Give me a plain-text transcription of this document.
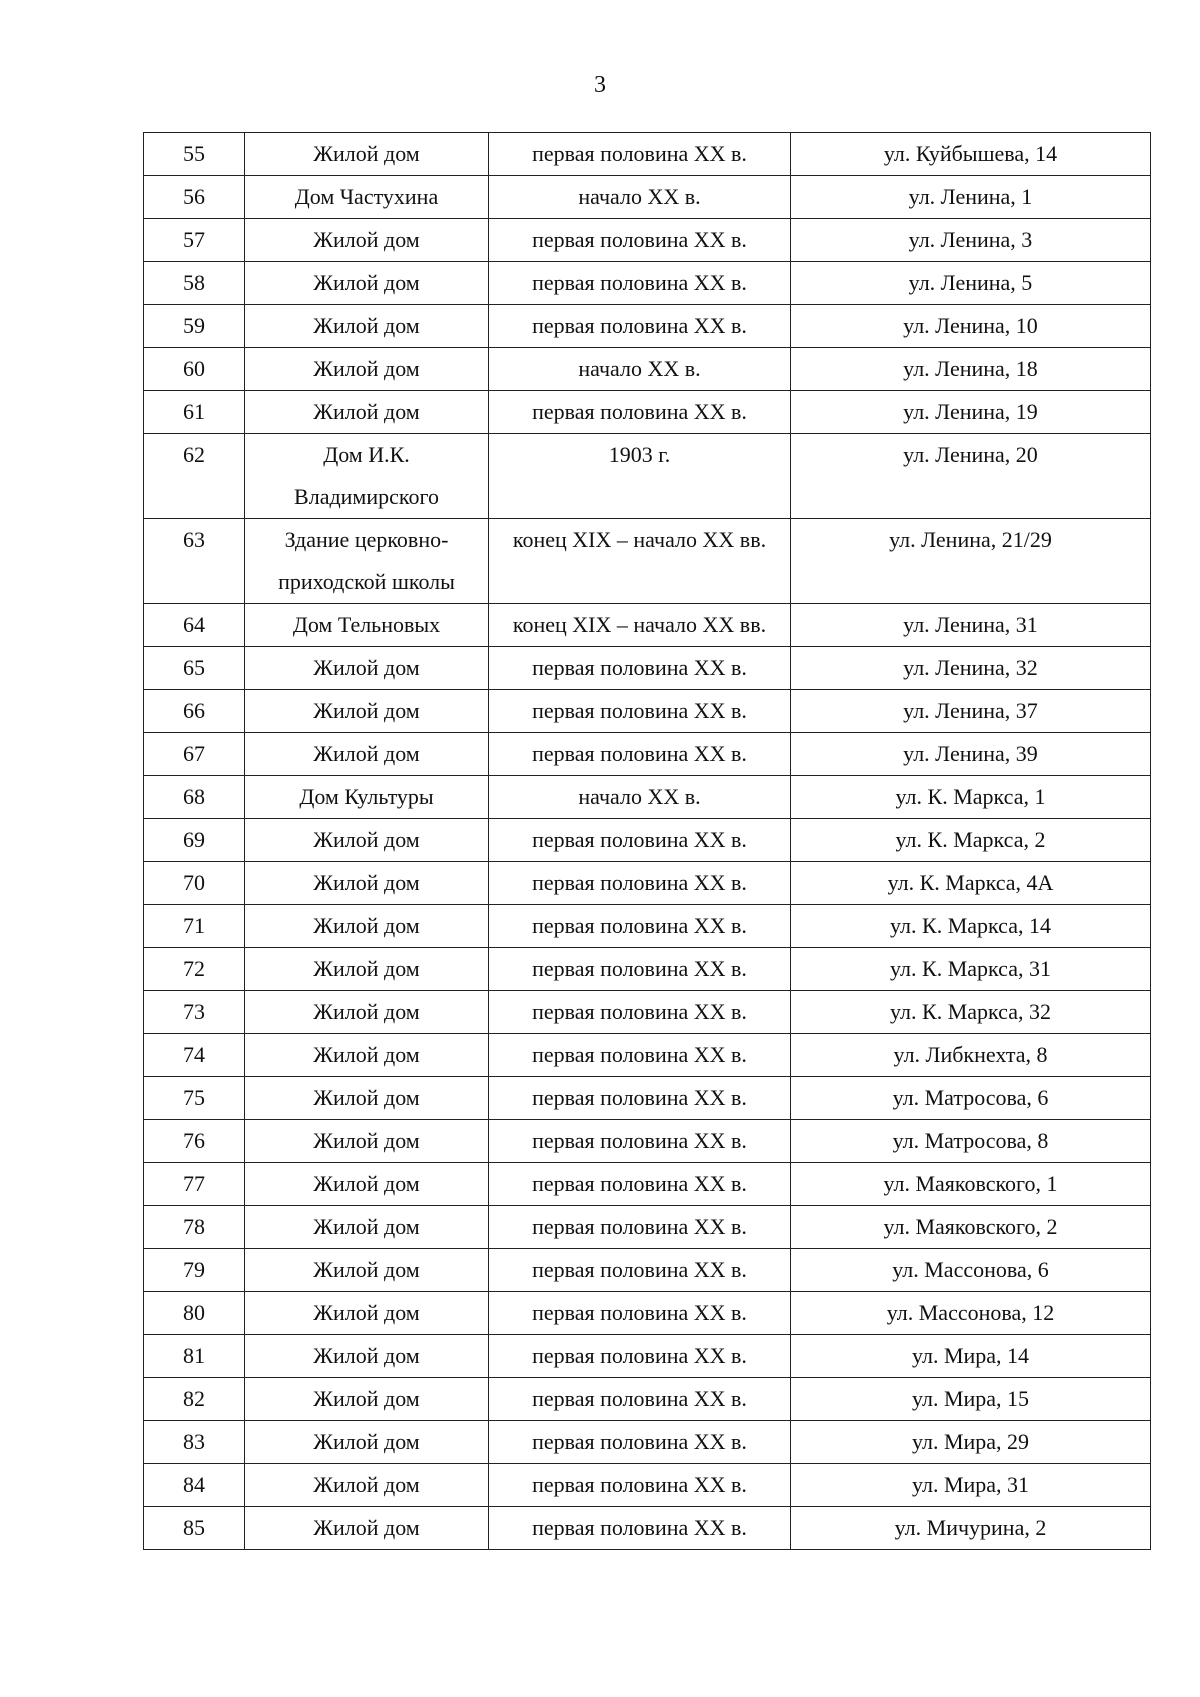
3
55	Жилой дом	первая половина XX в.	ул. Куйбышева, 14
56	Дом Частухина	начало XX в.	ул. Ленина, 1
57	Жилой дом	первая половина XX в.	ул. Ленина, 3
58	Жилой дом	первая половина XX в.	ул. Ленина, 5
59	Жилой дом	первая половина XX в.	ул. Ленина, 10
60	Жилой дом	начало XX в.	ул. Ленина, 18
61	Жилой дом	первая половина XX в.	ул. Ленина, 19
62	Дом И.К. Владимирского	1903 г.	ул. Ленина, 20
63	Здание церковно-приходской школы	конец XIX – начало XX вв.	ул. Ленина, 21/29
64	Дом Тельновых	конец XIX – начало XX вв.	ул. Ленина, 31
65	Жилой дом	первая половина XX в.	ул. Ленина, 32
66	Жилой дом	первая половина XX в.	ул. Ленина, 37
67	Жилой дом	первая половина XX в.	ул. Ленина, 39
68	Дом Культуры	начало XX в.	ул. К. Маркса, 1
69	Жилой дом	первая половина XX в.	ул. К. Маркса, 2
70	Жилой дом	первая половина XX в.	ул. К. Маркса, 4А
71	Жилой дом	первая половина XX в.	ул. К. Маркса, 14
72	Жилой дом	первая половина XX в.	ул. К. Маркса, 31
73	Жилой дом	первая половина XX в.	ул. К. Маркса, 32
74	Жилой дом	первая половина XX в.	ул. Либкнехта, 8
75	Жилой дом	первая половина XX в.	ул. Матросова, 6
76	Жилой дом	первая половина XX в.	ул. Матросова, 8
77	Жилой дом	первая половина XX в.	ул. Маяковского, 1
78	Жилой дом	первая половина XX в.	ул. Маяковского, 2
79	Жилой дом	первая половина XX в.	ул. Массонова, 6
80	Жилой дом	первая половина XX в.	ул. Массонова, 12
81	Жилой дом	первая половина XX в.	ул. Мира, 14
82	Жилой дом	первая половина XX в.	ул. Мира, 15
83	Жилой дом	первая половина XX в.	ул. Мира, 29
84	Жилой дом	первая половина XX в.	ул. Мира, 31
85	Жилой дом	первая половина XX в.	ул. Мичурина, 2
